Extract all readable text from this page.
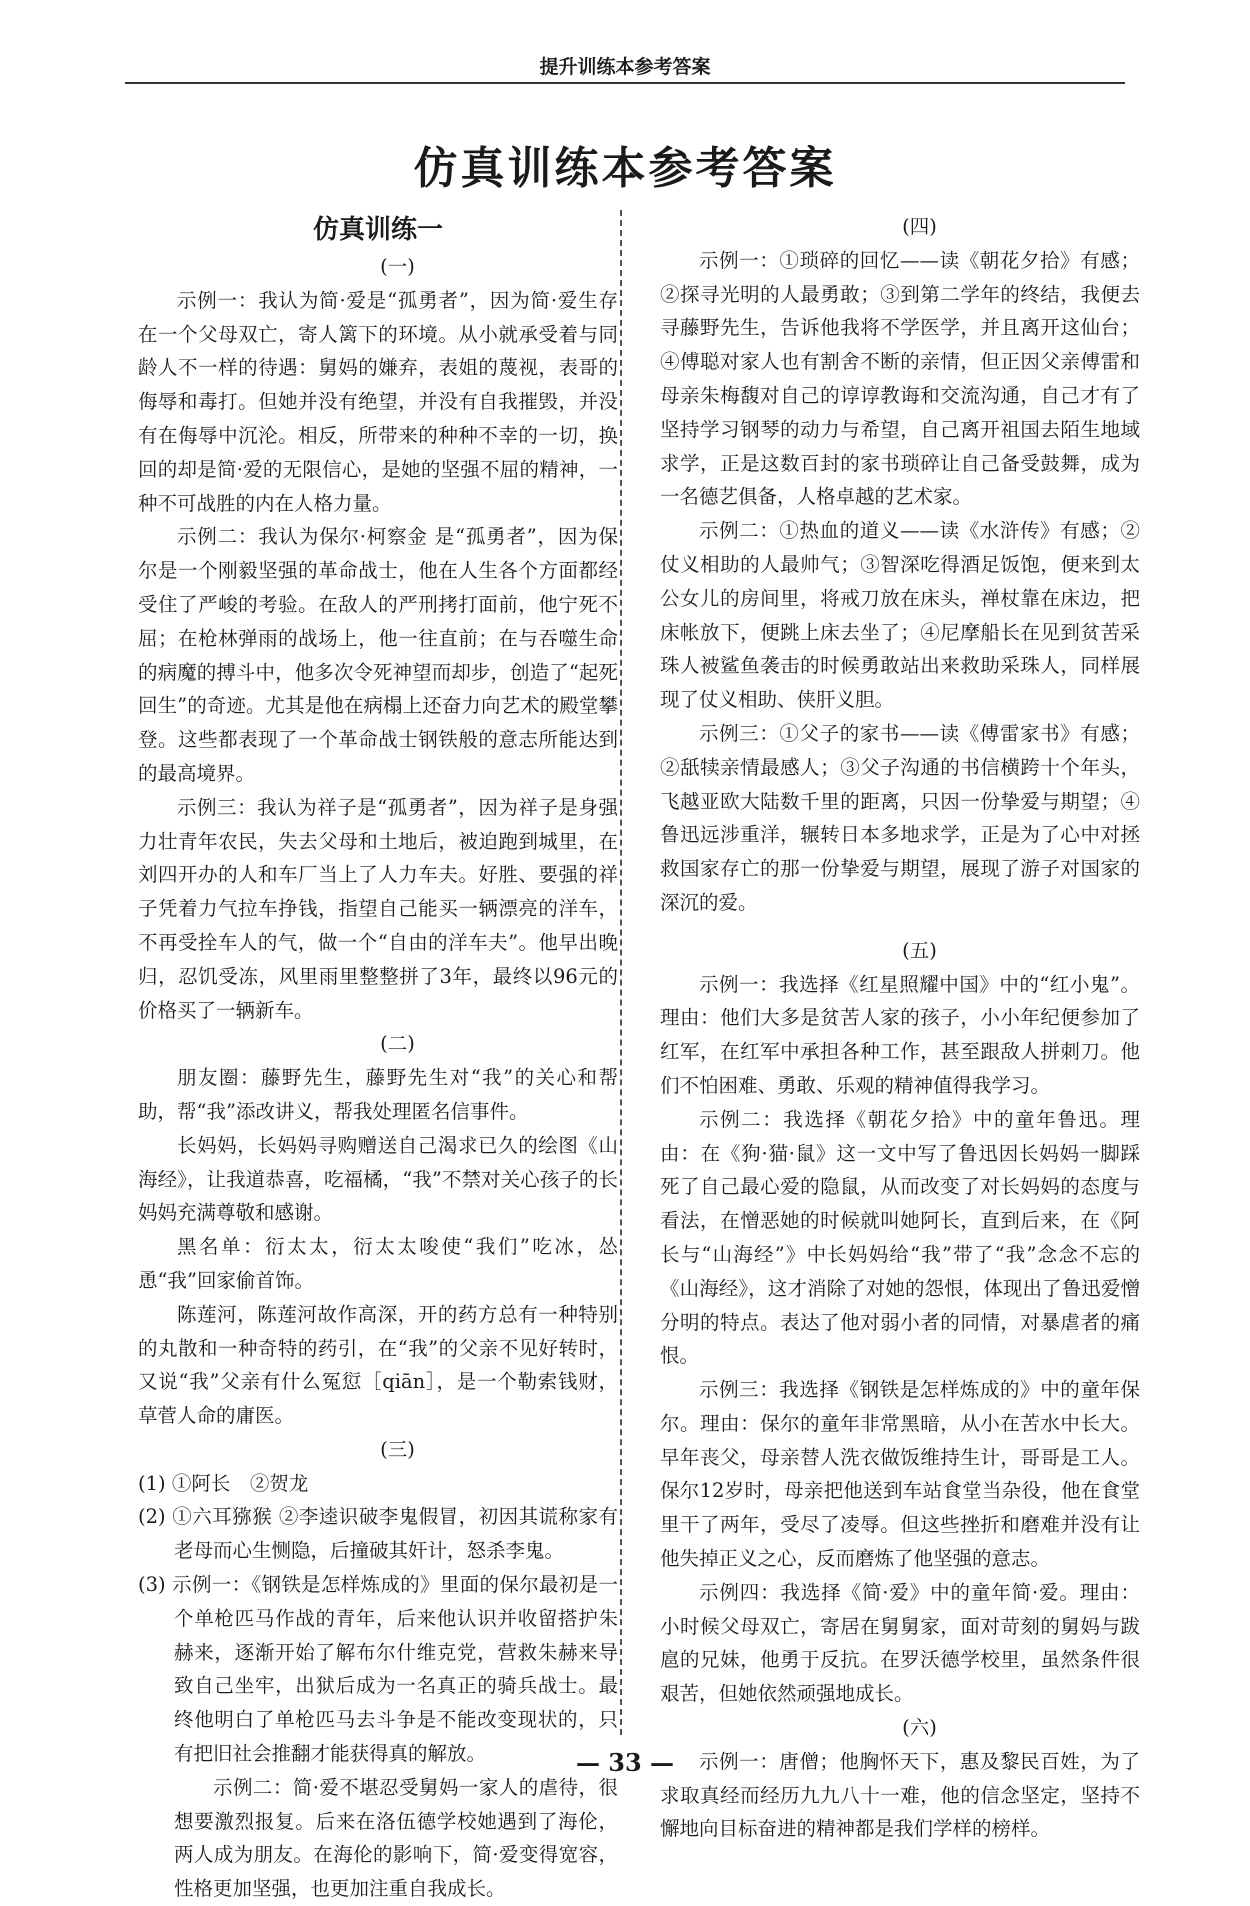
提升训练本参考答案
仿真训练本参考答案
仿真训练一

(一)

示例一：我认为简·爱是“孤勇者”，因为简·爱生存在一个父母双亡，寄人篱下的环境。从小就承受着与同龄人不一样的待遇：舅妈的嫌弃，表姐的蔑视，表哥的侮辱和毒打。但她并没有绝望，并没有自我摧毁，并没有在侮辱中沉沦。相反，所带来的种种不幸的一切，换回的却是简·爱的无限信心，是她的坚强不屈的精神，一种不可战胜的内在人格力量。

示例二：我认为保尔·柯察金 是“孤勇者”，因为保尔是一个刚毅坚强的革命战士，他在人生各个方面都经受住了严峻的考验。在敌人的严刑拷打面前，他宁死不屈；在枪林弹雨的战场上，他一往直前；在与吞噬生命的病魔的搏斗中，他多次令死神望而却步，创造了“起死回生”的奇迹。尤其是他在病榻上还奋力向艺术的殿堂攀登。这些都表现了一个革命战士钢铁般的意志所能达到的最高境界。

示例三：我认为祥子是“孤勇者”，因为祥子是身强力壮青年农民，失去父母和土地后，被迫跑到城里，在刘四开办的人和车厂当上了人力车夫。好胜、要强的祥子凭着力气拉车挣钱，指望自己能买一辆漂亮的洋车，不再受拴车人的气，做一个“自由的洋车夫”。他早出晚归，忍饥受冻，风里雨里整整拼了3年，最终以96元的价格买了一辆新车。

(二)

朋友圈：藤野先生，藤野先生对“我”的关心和帮助，帮“我”添改讲义，帮我处理匿名信事件。

长妈妈，长妈妈寻购赠送自己渴求已久的绘图《山海经》，让我道恭喜，吃福橘，“我”不禁对关心孩子的长妈妈充满尊敬和感谢。

黑名单：衍太太，衍太太唆使“我们”吃冰，怂恿“我”回家偷首饰。

陈莲河，陈莲河故作高深，开的药方总有一种特别的丸散和一种奇特的药引，在“我”的父亲不见好转时，又说“我”父亲有什么冤愆［qiān］，是一个勒索钱财，草菅人命的庸医。

(三)

(1) ①阿长　②贺龙

(2) ①六耳猕猴 ②李逵识破李鬼假冒，初因其谎称家有老母而心生恻隐，后撞破其奸计，怒杀李鬼。

(3) 示例一：《钢铁是怎样炼成的》里面的保尔最初是一个单枪匹马作战的青年，后来他认识并收留搭护朱赫来，逐渐开始了解布尔什维克党，营救朱赫来导致自己坐牢，出狱后成为一名真正的骑兵战士。最终他明白了单枪匹马去斗争是不能改变现状的，只有把旧社会推翻才能获得真的解放。

示例二：简·爱不堪忍受舅妈一家人的虐待，很想要激烈报复。后来在洛伍德学校她遇到了海伦，两人成为朋友。在海伦的影响下，简·爱变得宽容，性格更加坚强，也更加注重自我成长。

(四)

示例一：①琐碎的回忆——读《朝花夕拾》有感；②探寻光明的人最勇敢；③到第二学年的终结，我便去寻藤野先生，告诉他我将不学医学，并且离开这仙台；④傅聪对家人也有割舍不断的亲情，但正因父亲傅雷和母亲朱梅馥对自己的谆谆教诲和交流沟通，自己才有了坚持学习钢琴的动力与希望，自己离开祖国去陌生地域求学，正是这数百封的家书琐碎让自己备受鼓舞，成为一名德艺俱备，人格卓越的艺术家。

示例二：①热血的道义——读《水浒传》有感；②仗义相助的人最帅气；③智深吃得酒足饭饱，便来到太公女儿的房间里，将戒刀放在床头，禅杖靠在床边，把床帐放下，便跳上床去坐了；④尼摩船长在见到贫苦采珠人被鲨鱼袭击的时候勇敢站出来救助采珠人，同样展现了仗义相助、侠肝义胆。

示例三：①父子的家书——读《傅雷家书》有感；②舐犊亲情最感人；③父子沟通的书信横跨十个年头，飞越亚欧大陆数千里的距离，只因一份挚爱与期望；④鲁迅远涉重洋，辗转日本多地求学，正是为了心中对拯救国家存亡的那一份挚爱与期望，展现了游子对国家的深沉的爱。

(五)

示例一：我选择《红星照耀中国》中的“红小鬼”。理由：他们大多是贫苦人家的孩子，小小年纪便参加了红军，在红军中承担各种工作，甚至跟敌人拼刺刀。他们不怕困难、勇敢、乐观的精神值得我学习。

示例二：我选择《朝花夕拾》中的童年鲁迅。理由：在《狗·猫·鼠》这一文中写了鲁迅因长妈妈一脚踩死了自己最心爱的隐鼠，从而改变了对长妈妈的态度与看法，在憎恶她的时候就叫她阿长，直到后来，在《阿长与“山海经”》中长妈妈给“我”带了“我”念念不忘的《山海经》，这才消除了对她的怨恨，体现出了鲁迅爱憎分明的特点。表达了他对弱小者的同情，对暴虐者的痛恨。

示例三：我选择《钢铁是怎样炼成的》中的童年保尔。理由：保尔的童年非常黑暗，从小在苦水中长大。早年丧父，母亲替人洗衣做饭维持生计，哥哥是工人。保尔12岁时，母亲把他送到车站食堂当杂役，他在食堂里干了两年，受尽了凌辱。但这些挫折和磨难并没有让他失掉正义之心，反而磨炼了他坚强的意志。

示例四：我选择《简·爱》中的童年简·爱。理由：小时候父母双亡，寄居在舅舅家，面对苛刻的舅妈与跋扈的兄妹，他勇于反抗。在罗沃德学校里，虽然条件很艰苦，但她依然顽强地成长。

(六)

示例一：唐僧；他胸怀天下，惠及黎民百姓，为了求取真经而经历九九八十一难，他的信念坚定，坚持不懈地向目标奋进的精神都是我们学样的榜样。

— 33 —
